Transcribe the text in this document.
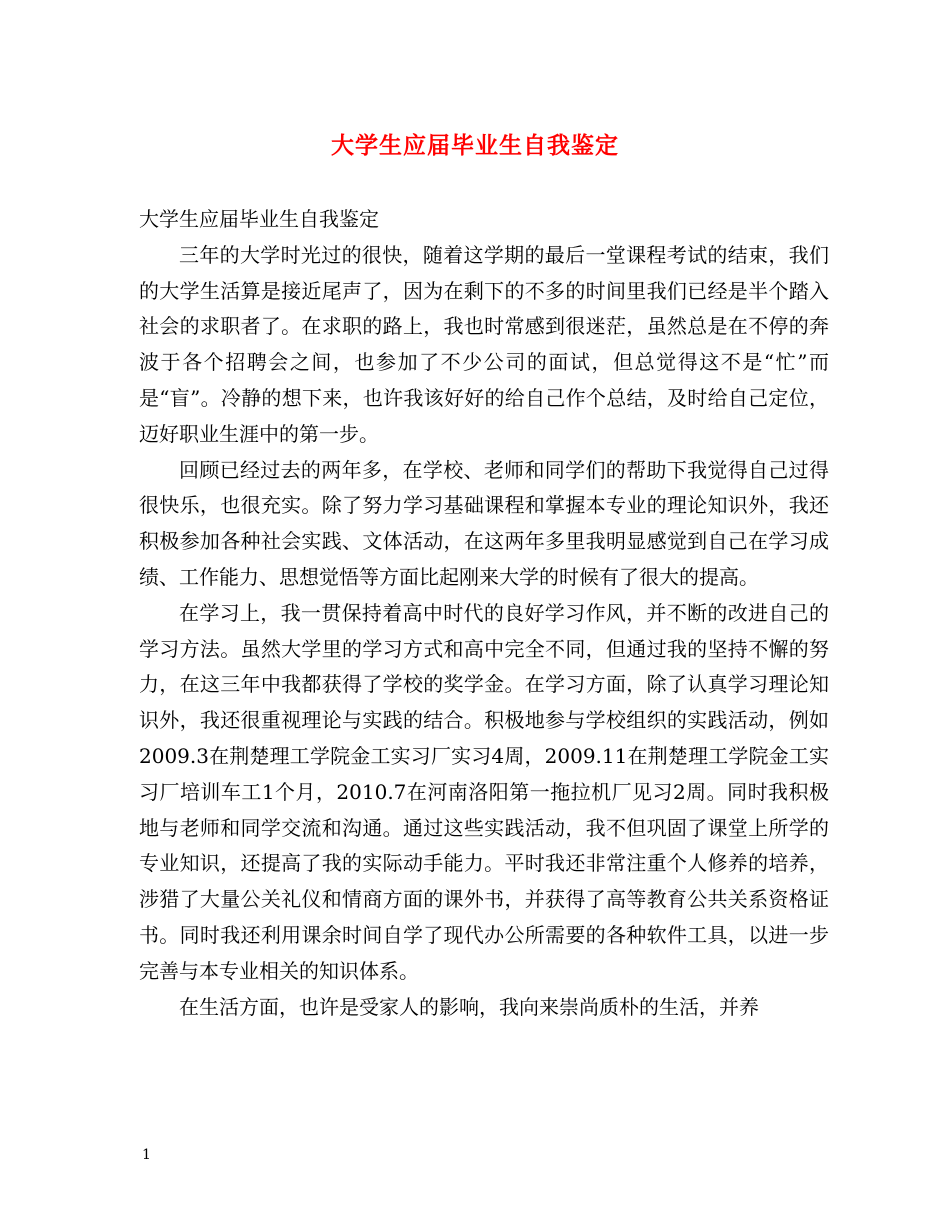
大学生应届毕业生自我鉴定

大学生应届毕业生自我鉴定

三年的大学时光过的很快，随着这学期的最后一堂课程考试的结束，我们的大学生活算是接近尾声了，因为在剩下的不多的时间里我们已经是半个踏入社会的求职者了。在求职的路上，我也时常感到很迷茫，虽然总是在不停的奔波于各个招聘会之间，也参加了不少公司的面试，但总觉得这不是“忙”而是“盲”。冷静的想下来，也许我该好好的给自己作个总结，及时给自己定位，迈好职业生涯中的第一步。

回顾已经过去的两年多，在学校、老师和同学们的帮助下我觉得自己过得很快乐，也很充实。除了努力学习基础课程和掌握本专业的理论知识外，我还积极参加各种社会实践、文体活动，在这两年多里我明显感觉到自己在学习成绩、工作能力、思想觉悟等方面比起刚来大学的时候有了很大的提高。

在学习上，我一贯保持着高中时代的良好学习作风，并不断的改进自己的学习方法。虽然大学里的学习方式和高中完全不同，但通过我的坚持不懈的努力，在这三年中我都获得了学校的奖学金。在学习方面，除了认真学习理论知识外，我还很重视理论与实践的结合。积极地参与学校组织的实践活动，例如2009.3在荆楚理工学院金工实习厂实习4周，2009.11在荆楚理工学院金工实习厂培训车工1个月，2010.7在河南洛阳第一拖拉机厂见习2周。同时我积极地与老师和同学交流和沟通。通过这些实践活动，我不但巩固了课堂上所学的专业知识，还提高了我的实际动手能力。平时我还非常注重个人修养的培养，涉猎了大量公关礼仪和情商方面的课外书，并获得了高等教育公共关系资格证书。同时我还利用课余时间自学了现代办公所需要的各种软件工具，以进一步完善与本专业相关的知识体系。

在生活方面，也许是受家人的影响，我向来崇尚质朴的生活，并养

1
